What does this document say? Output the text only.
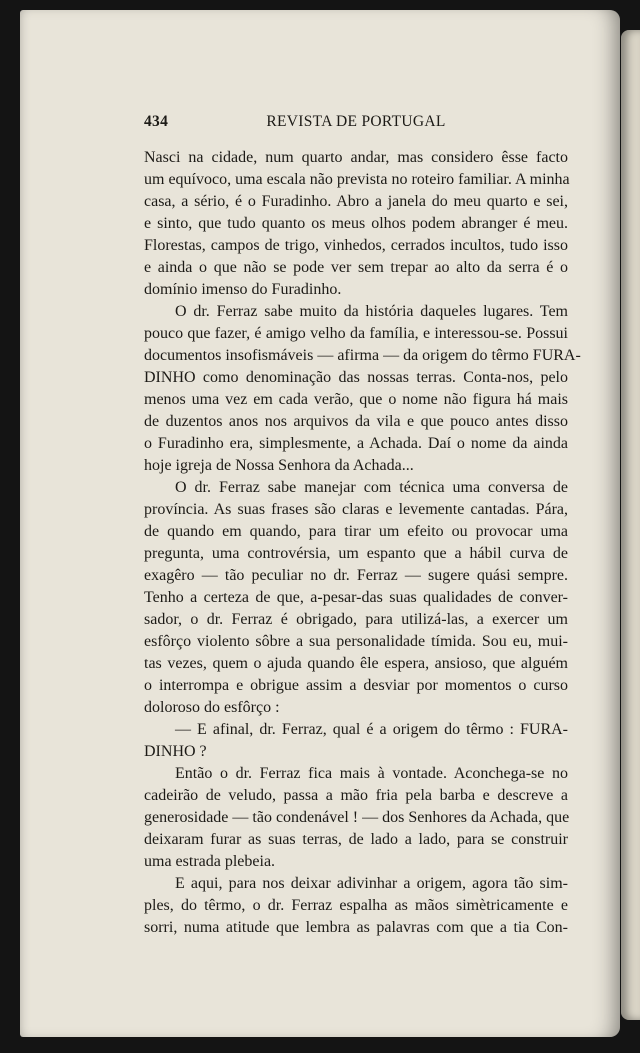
434	REVISTA DE PORTUGAL
Nasci na cidade, num quarto andar, mas considero êsse facto
um equívoco, uma escala não prevista no roteiro familiar. A minha
casa, a sério, é o Furadinho. Abro a janela do meu quarto e sei,
e sinto, que tudo quanto os meus olhos podem abranger é meu.
Florestas, campos de trigo, vinhedos, cerrados incultos, tudo isso
e ainda o que não se pode ver sem trepar ao alto da serra é o
domínio imenso do Furadinho.
O dr. Ferraz sabe muito da história daqueles lugares. Tem
pouco que fazer, é amigo velho da família, e interessou-se. Possui
documentos insofismáveis — afirma — da origem do têrmo FURA-
DINHO como denominação das nossas terras. Conta-nos, pelo
menos uma vez em cada verão, que o nome não figura há mais
de duzentos anos nos arquivos da vila e que pouco antes disso
o Furadinho era, simplesmente, a Achada. Daí o nome da ainda
hoje igreja de Nossa Senhora da Achada...
O dr. Ferraz sabe manejar com técnica uma conversa de
província. As suas frases são claras e levemente cantadas. Pára,
de quando em quando, para tirar um efeito ou provocar uma
pregunta, uma controvérsia, um espanto que a hábil curva de
exagêro — tão peculiar no dr. Ferraz — sugere quási sempre.
Tenho a certeza de que, a-pesar-das suas qualidades de conver-
sador, o dr. Ferraz é obrigado, para utilizá-las, a exercer um
esfôrço violento sôbre a sua personalidade tímida. Sou eu, mui-
tas vezes, quem o ajuda quando êle espera, ansioso, que alguém
o interrompa e obrigue assim a desviar por momentos o curso
doloroso do esfôrço :
— E afinal, dr. Ferraz, qual é a origem do têrmo : FURA-
DINHO ?
Então o dr. Ferraz fica mais à vontade. Aconchega-se no
cadeirão de veludo, passa a mão fria pela barba e descreve a
generosidade — tão condenável ! — dos Senhores da Achada, que
deixaram furar as suas terras, de lado a lado, para se construir
uma estrada plebeia.
E aqui, para nos deixar adivinhar a origem, agora tão sim-
ples, do têrmo, o dr. Ferraz espalha as mãos simètricamente e
sorri, numa atitude que lembra as palavras com que a tia Con-
